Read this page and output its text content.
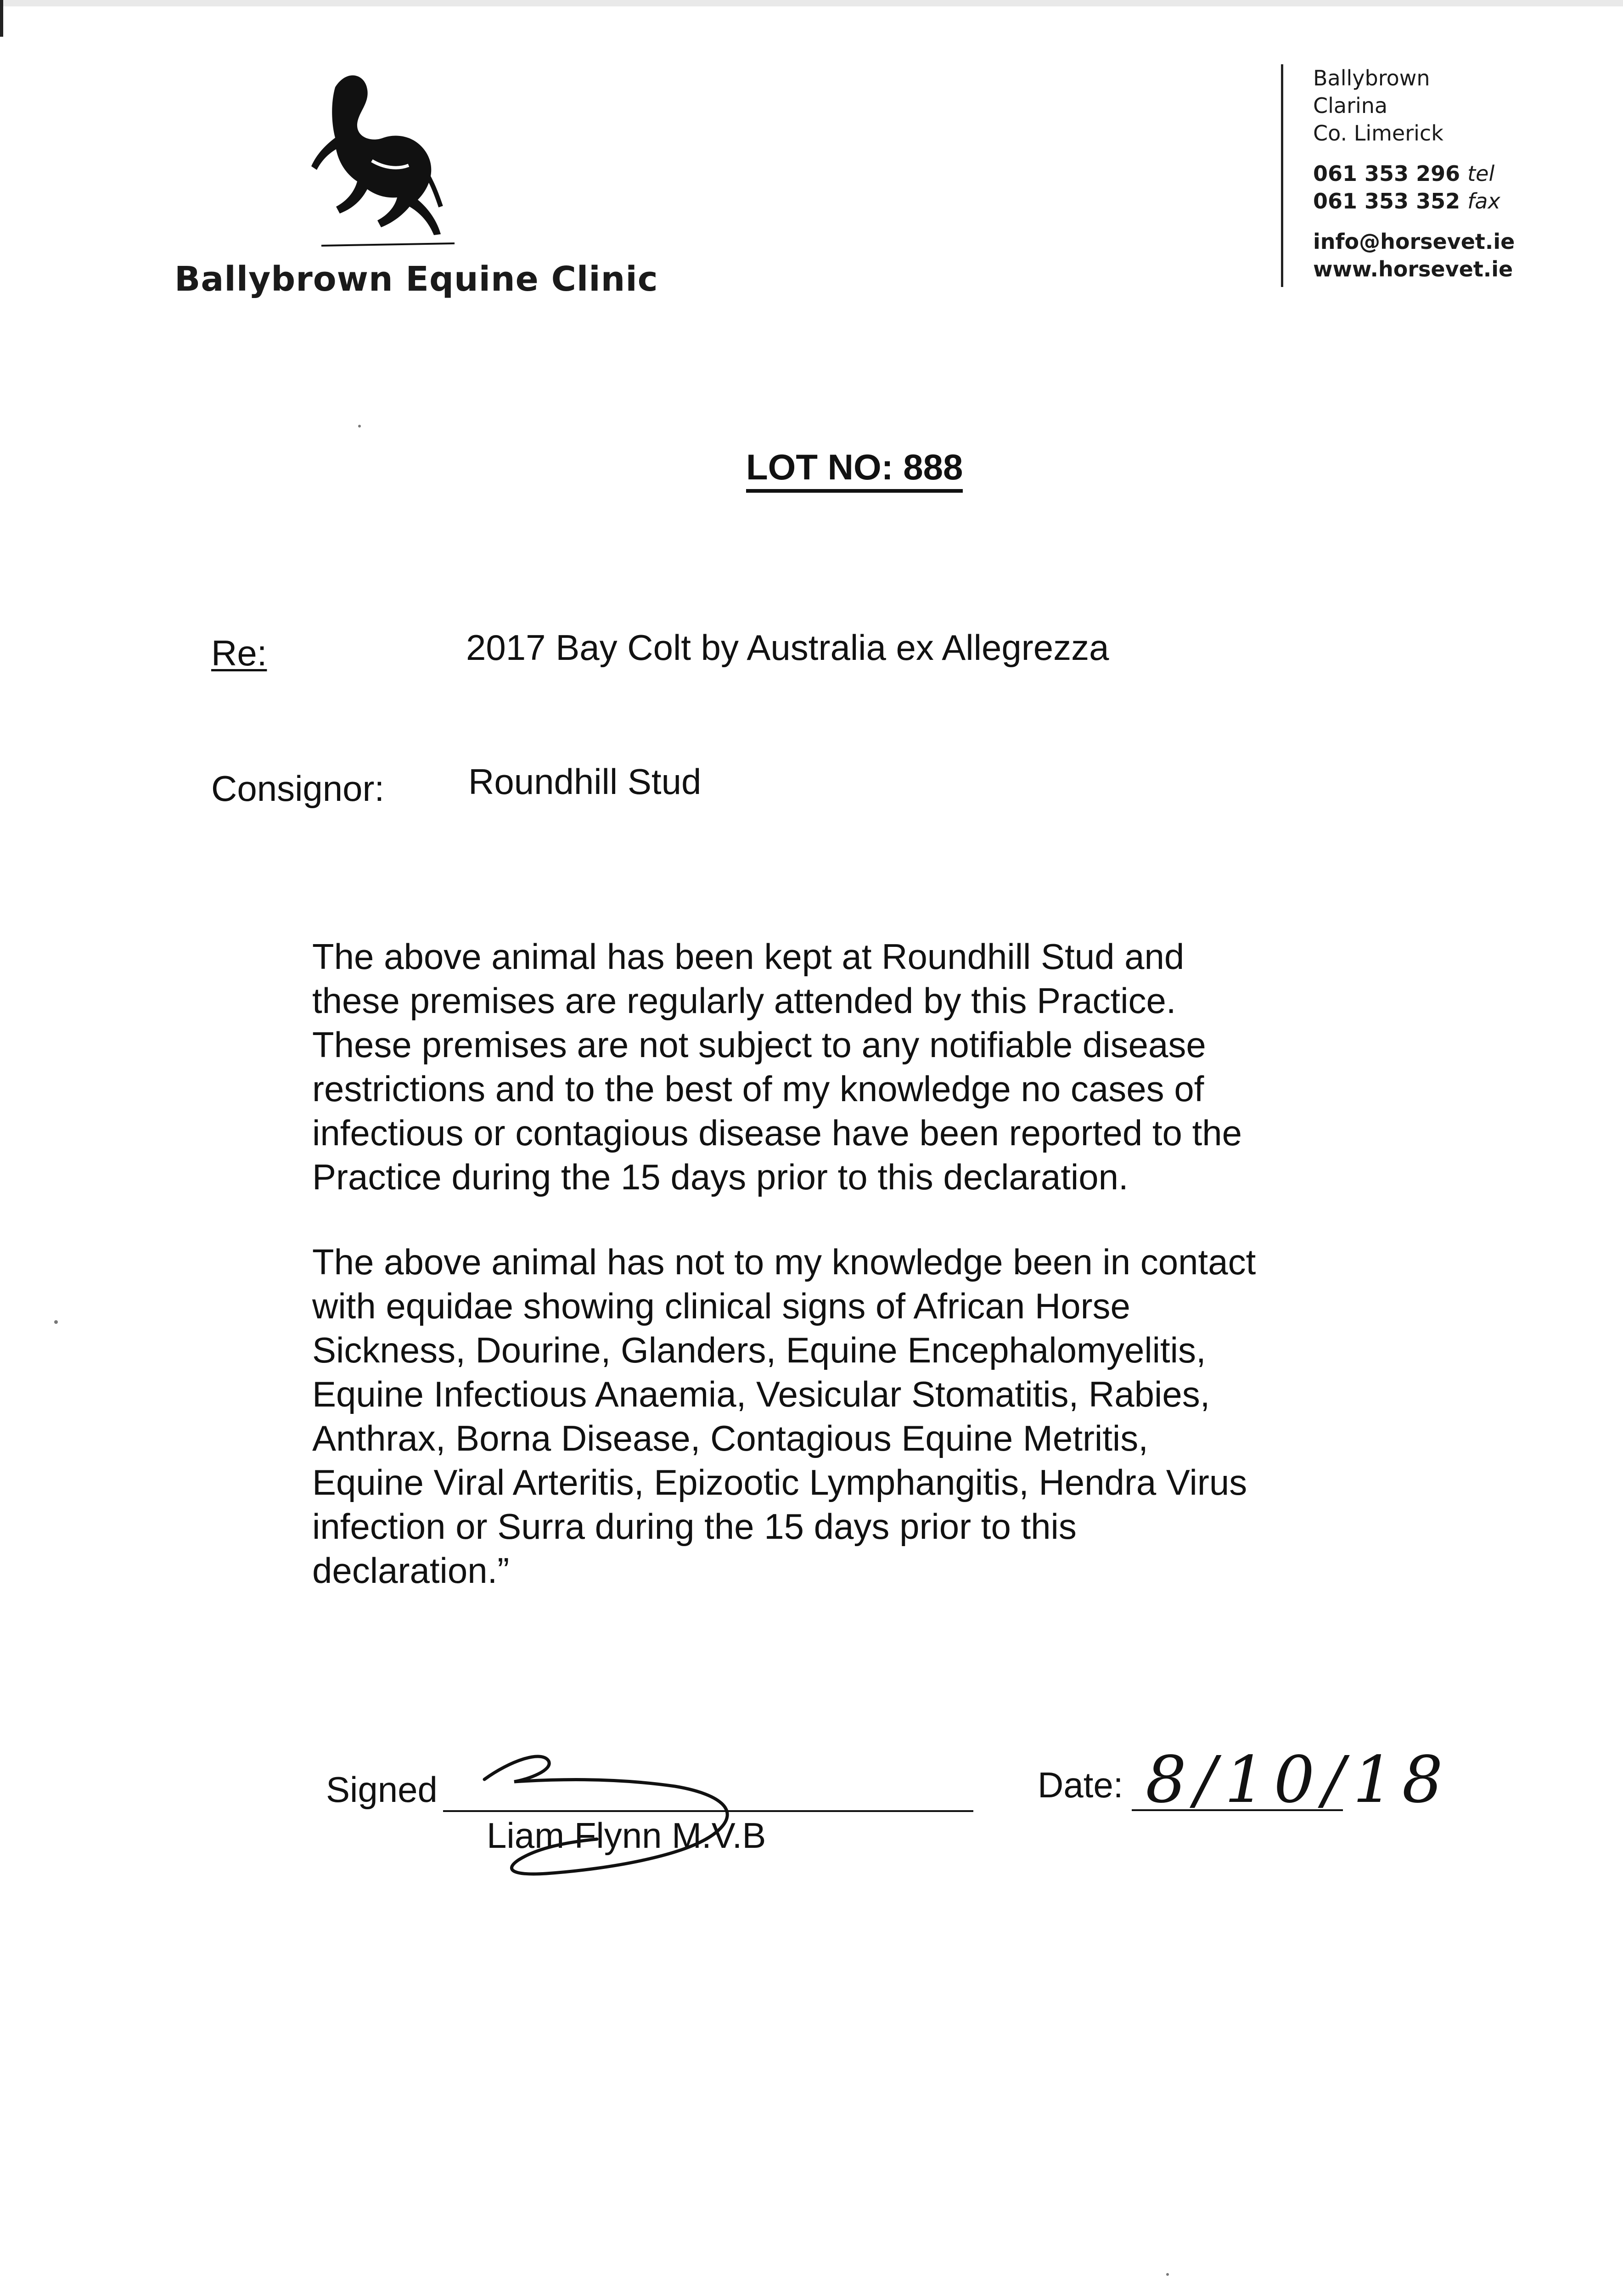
Ballybrown Equine Clinic
Ballybrown
Clarina
Co. Limerick
061 353 296 tel
061 353 352 fax
info@horsevet.ie
www.horsevet.ie
LOT NO: 888
Re:	2017 Bay Colt by Australia ex Allegrezza
Consignor: Roundhill Stud
The above animal has been kept at Roundhill Stud and
these premises are regularly attended by this Practice.
These premises are not subject to any notifiable disease
restrictions and to the best of my knowledge no cases of
infectious or contagious disease have been reported to the
Practice during the 15 days prior to this declaration.
The above animal has not to my knowledge been in contact
with equidae showing clinical signs of African Horse
Sickness, Dourine, Glanders, Equine Encephalomyelitis,
Equine Infectious Anaemia, Vesicular Stomatitis, Rabies,
Anthrax, Borna Disease, Contagious Equine Metritis,
Equine Viral Arteritis, Epizootic Lymphangitis, Hendra Virus
infection or Surra during the 15 days prior to this
declaration.”
Signed
Liam Flynn M.V.B
Date: 8/10/18
